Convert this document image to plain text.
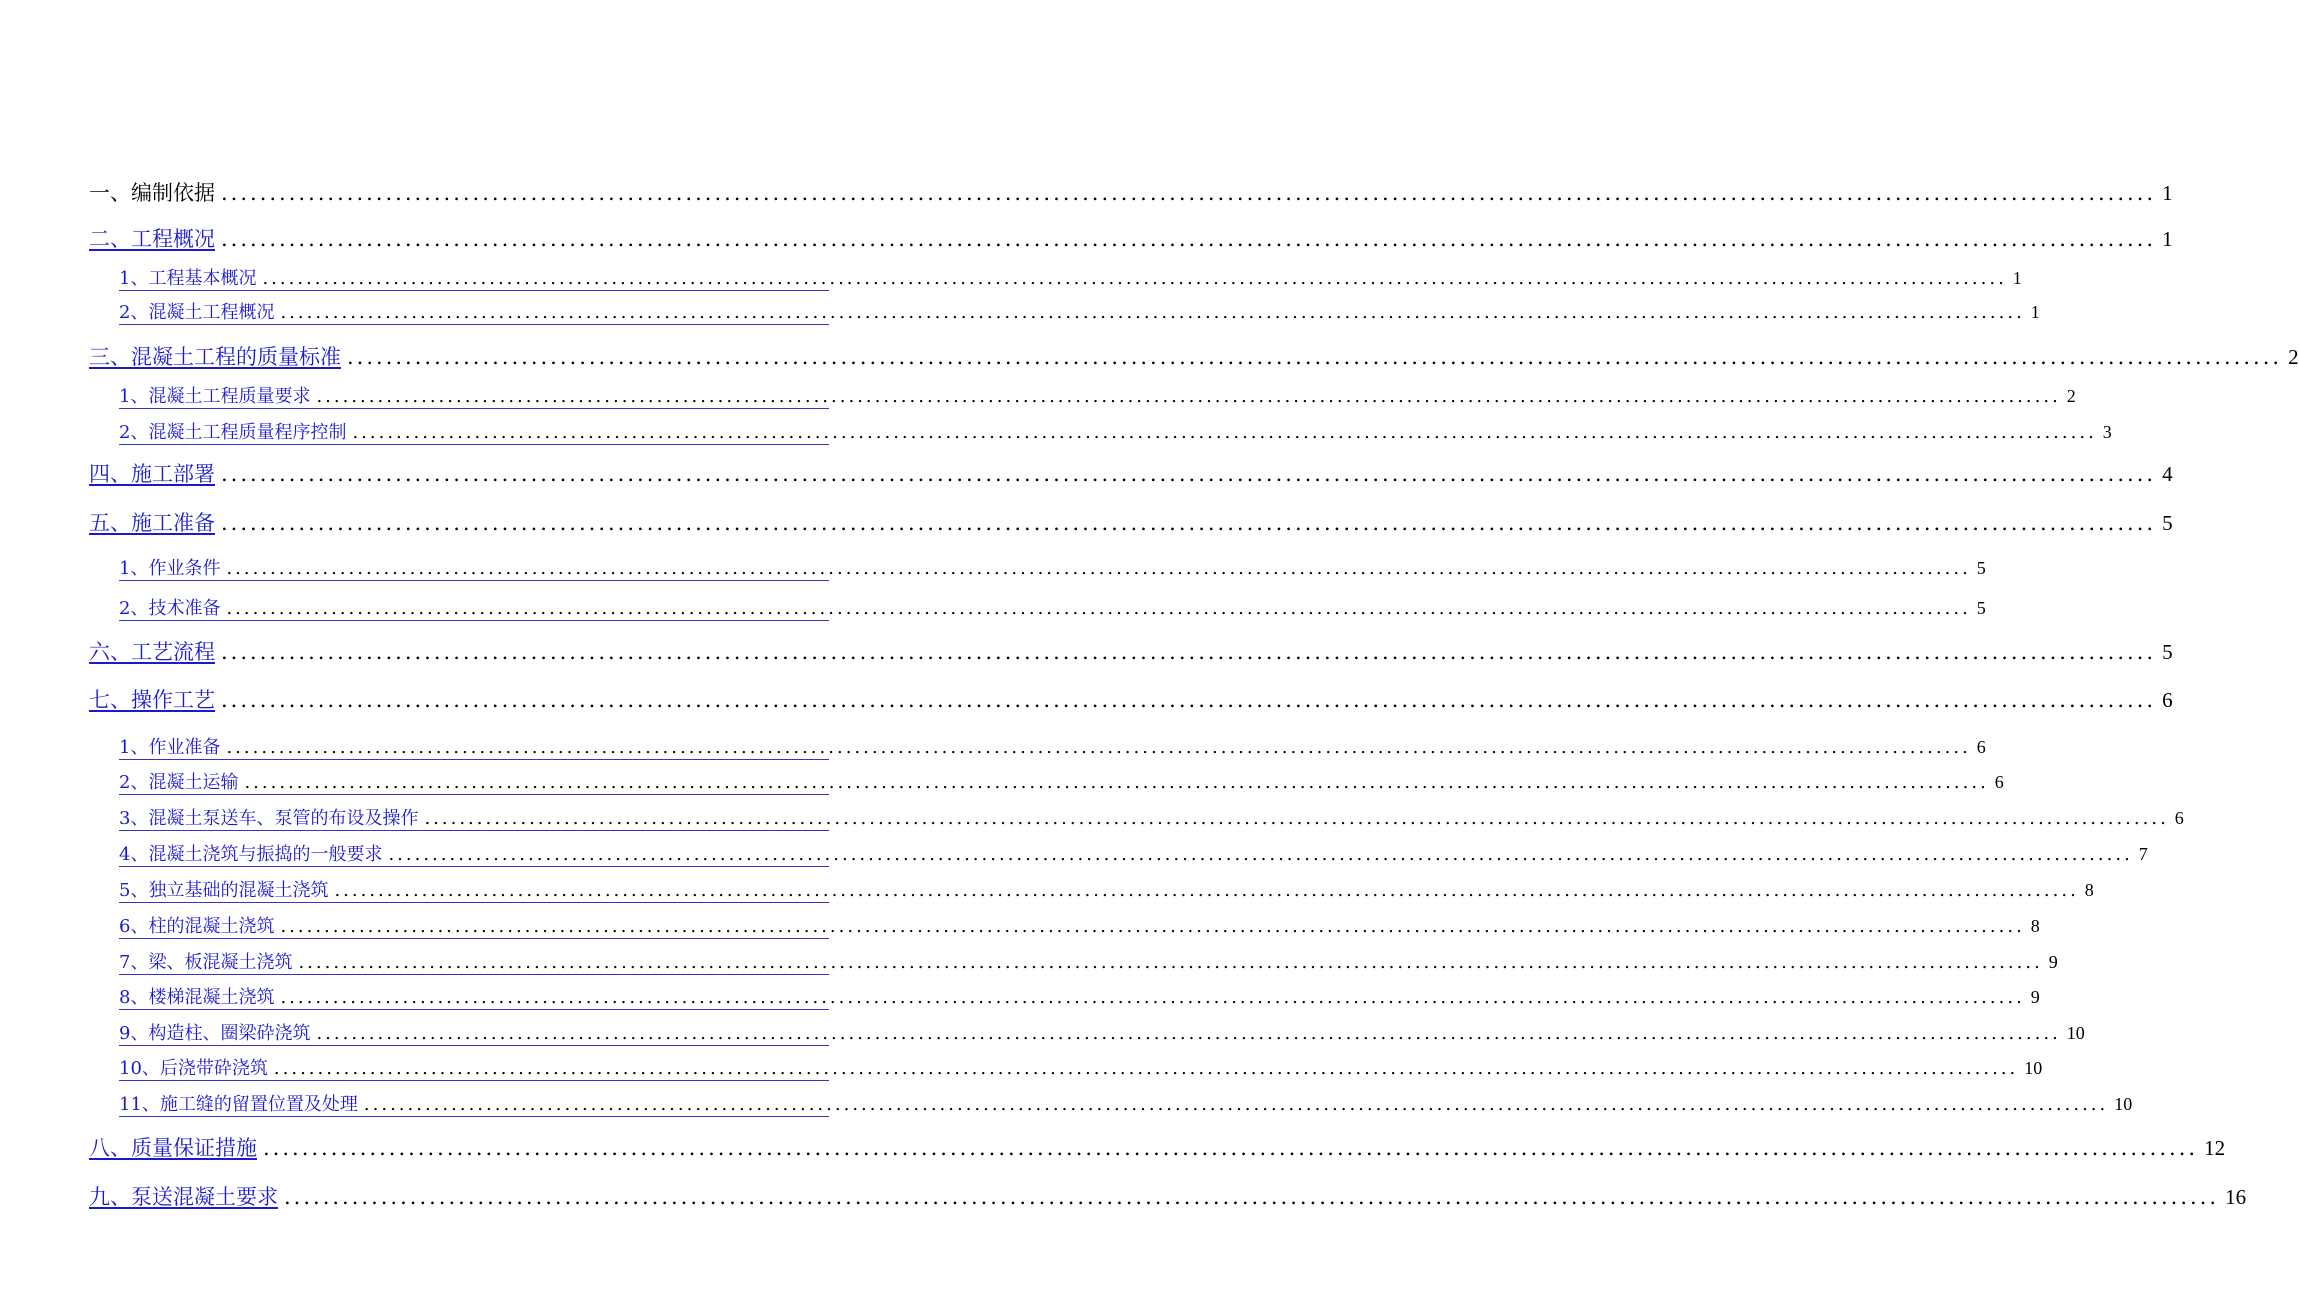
一、编制依据 ........................................................................................................................................................................................................ 1
二、工程概况 ........................................................................................................................................................................................................ 1
1、工程基本概况 ........................................................................................................................................................................................................ 1
2、混凝土工程概况 ........................................................................................................................................................................................................ 1
三、混凝土工程的质量标准 ........................................................................................................................................................................................................ 2
1、混凝土工程质量要求 ........................................................................................................................................................................................................ 2
2、混凝土工程质量程序控制 ........................................................................................................................................................................................................ 3
四、施工部署 ........................................................................................................................................................................................................ 4
五、施工准备 ........................................................................................................................................................................................................ 5
1、作业条件 ........................................................................................................................................................................................................ 5
2、技术准备 ........................................................................................................................................................................................................ 5
六、工艺流程 ........................................................................................................................................................................................................ 5
七、操作工艺 ........................................................................................................................................................................................................ 6
1、作业准备 ........................................................................................................................................................................................................ 6
2、混凝土运输 ........................................................................................................................................................................................................ 6
3、混凝土泵送车、泵管的布设及操作 ........................................................................................................................................................................................................ 6
4、混凝土浇筑与振捣的一般要求 ........................................................................................................................................................................................................ 7
5、独立基础的混凝土浇筑 ........................................................................................................................................................................................................ 8
6、柱的混凝土浇筑 ........................................................................................................................................................................................................ 8
7、梁、板混凝土浇筑 ........................................................................................................................................................................................................ 9
8、楼梯混凝土浇筑 ........................................................................................................................................................................................................ 9
9、构造柱、圈梁砕浇筑 ........................................................................................................................................................................................................ 10
10、后浇带砕浇筑 ........................................................................................................................................................................................................ 10
11、施工缝的留置位置及处理 ........................................................................................................................................................................................................ 10
八、质量保证措施 ........................................................................................................................................................................................................ 12
九、泵送混凝土要求 ........................................................................................................................................................................................................ 16
